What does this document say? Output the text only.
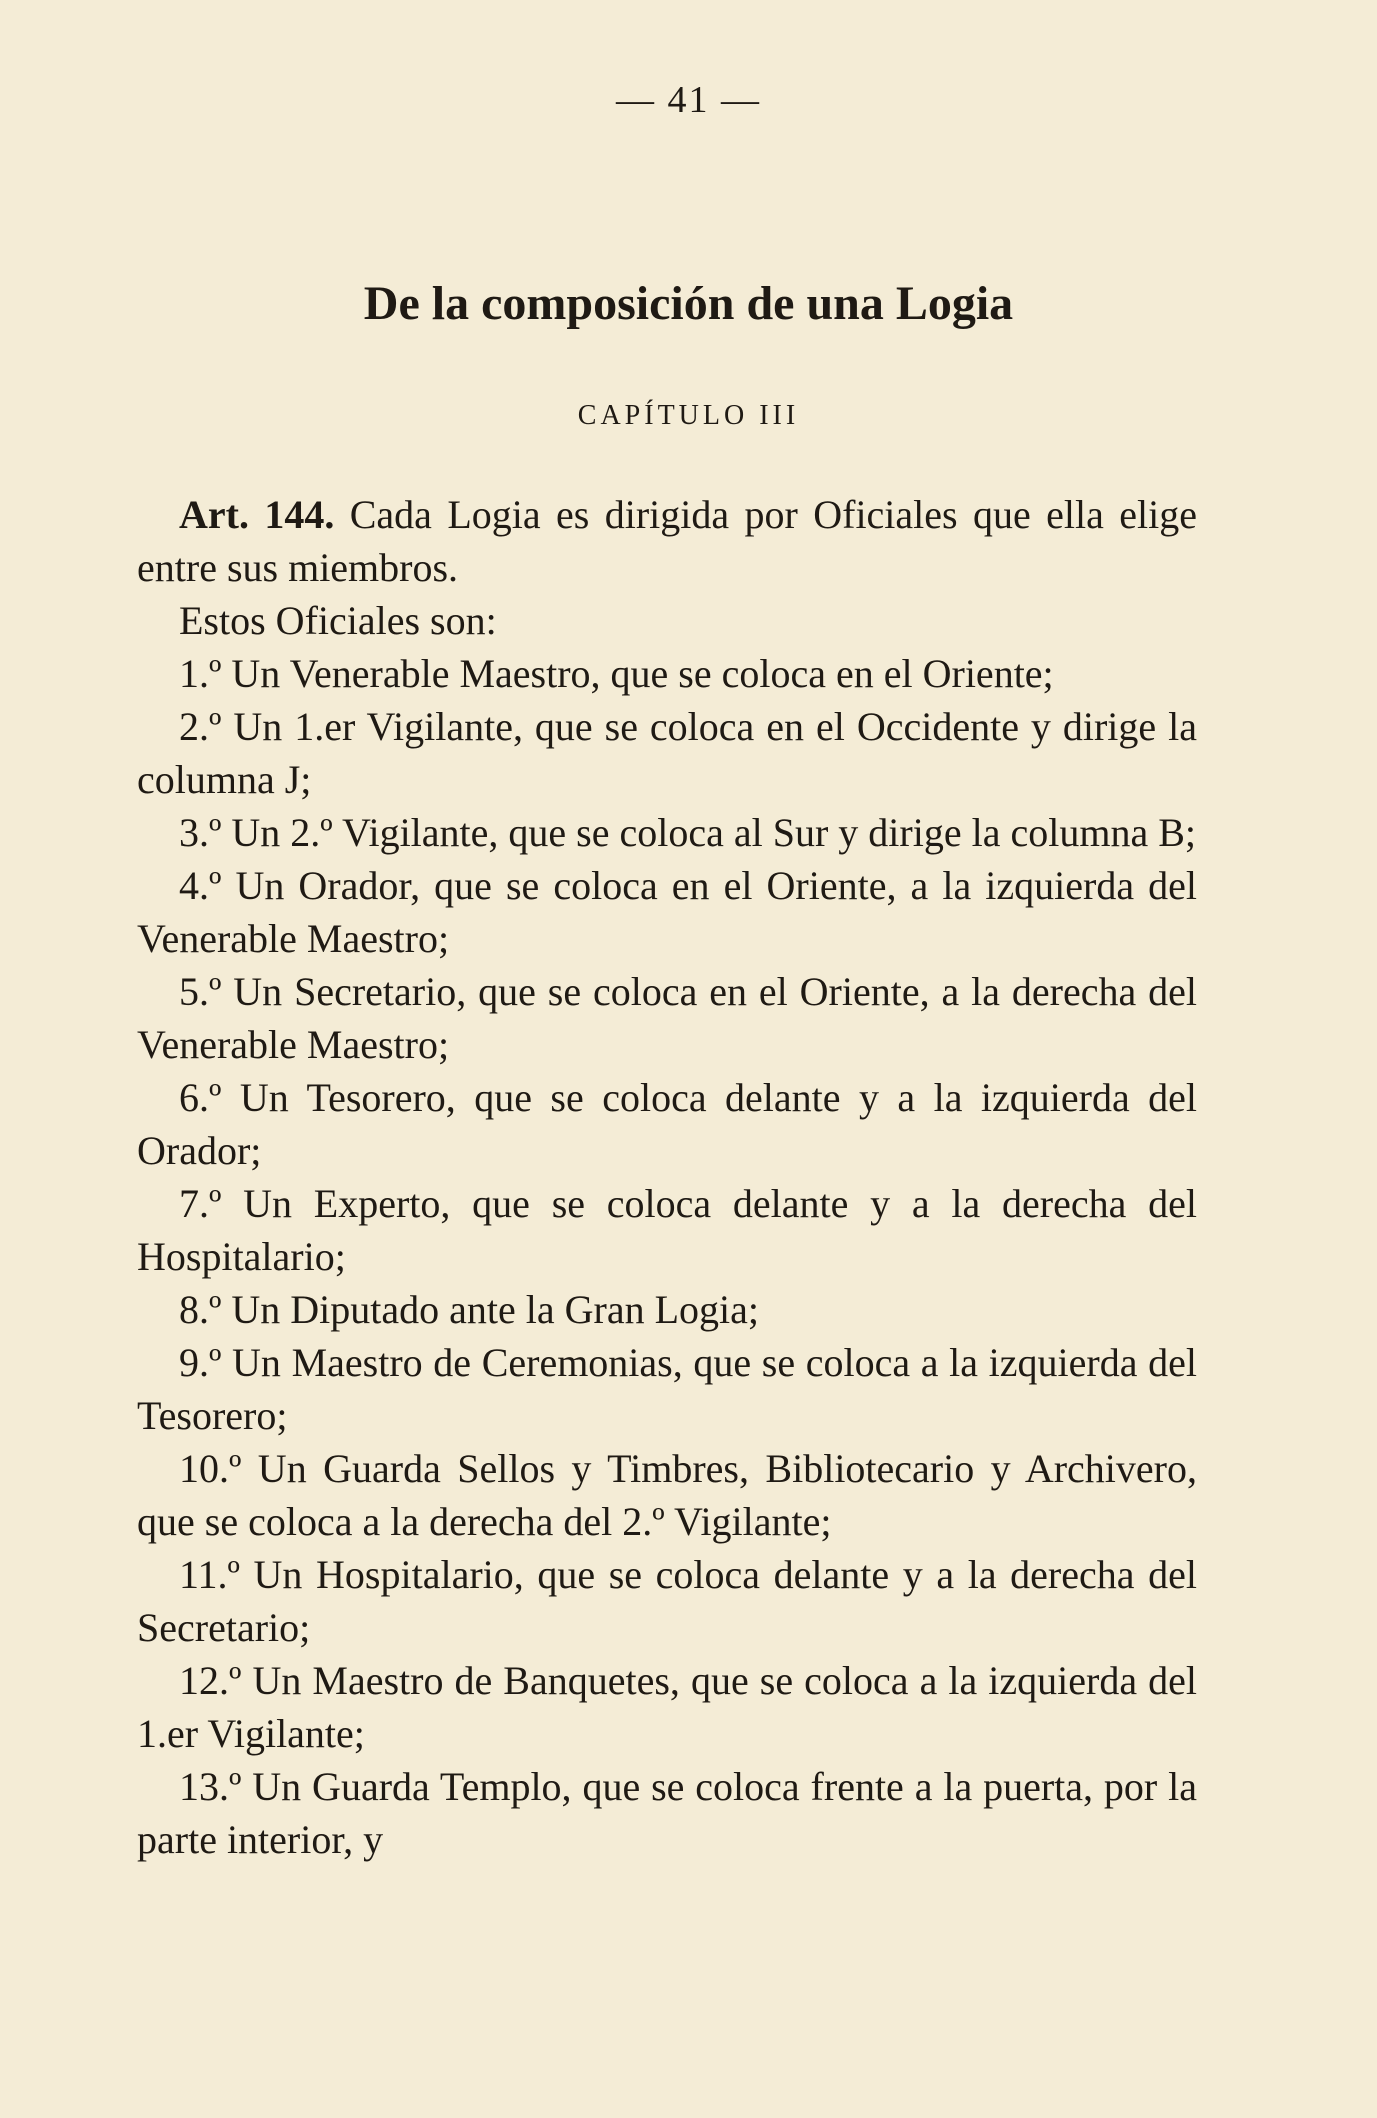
— 41 —
De la composición de una Logia
CAPÍTULO III

Art. 144. Cada Logia es dirigida por Oficiales que ella elige entre sus miembros.

Estos Oficiales son:

1.º Un Venerable Maestro, que se coloca en el Oriente;

2.º Un 1.er Vigilante, que se coloca en el Occidente y dirige la columna J;

3.º Un 2.º Vigilante, que se coloca al Sur y dirige la columna B;

4.º Un Orador, que se coloca en el Oriente, a la izquierda del Venerable Maestro;

5.º Un Secretario, que se coloca en el Oriente, a la derecha del Venerable Maestro;

6.º Un Tesorero, que se coloca delante y a la izquierda del Orador;

7.º Un Experto, que se coloca delante y a la derecha del Hospitalario;

8.º Un Diputado ante la Gran Logia;

9.º Un Maestro de Ceremonias, que se coloca a la izquierda del Tesorero;

10.º Un Guarda Sellos y Timbres, Bibliotecario y Archivero, que se coloca a la derecha del 2.º Vigilante;

11.º Un Hospitalario, que se coloca delante y a la derecha del Secretario;

12.º Un Maestro de Banquetes, que se coloca a la izquierda del 1.er Vigilante;

13.º Un Guarda Templo, que se coloca frente a la puerta, por la parte interior, y
